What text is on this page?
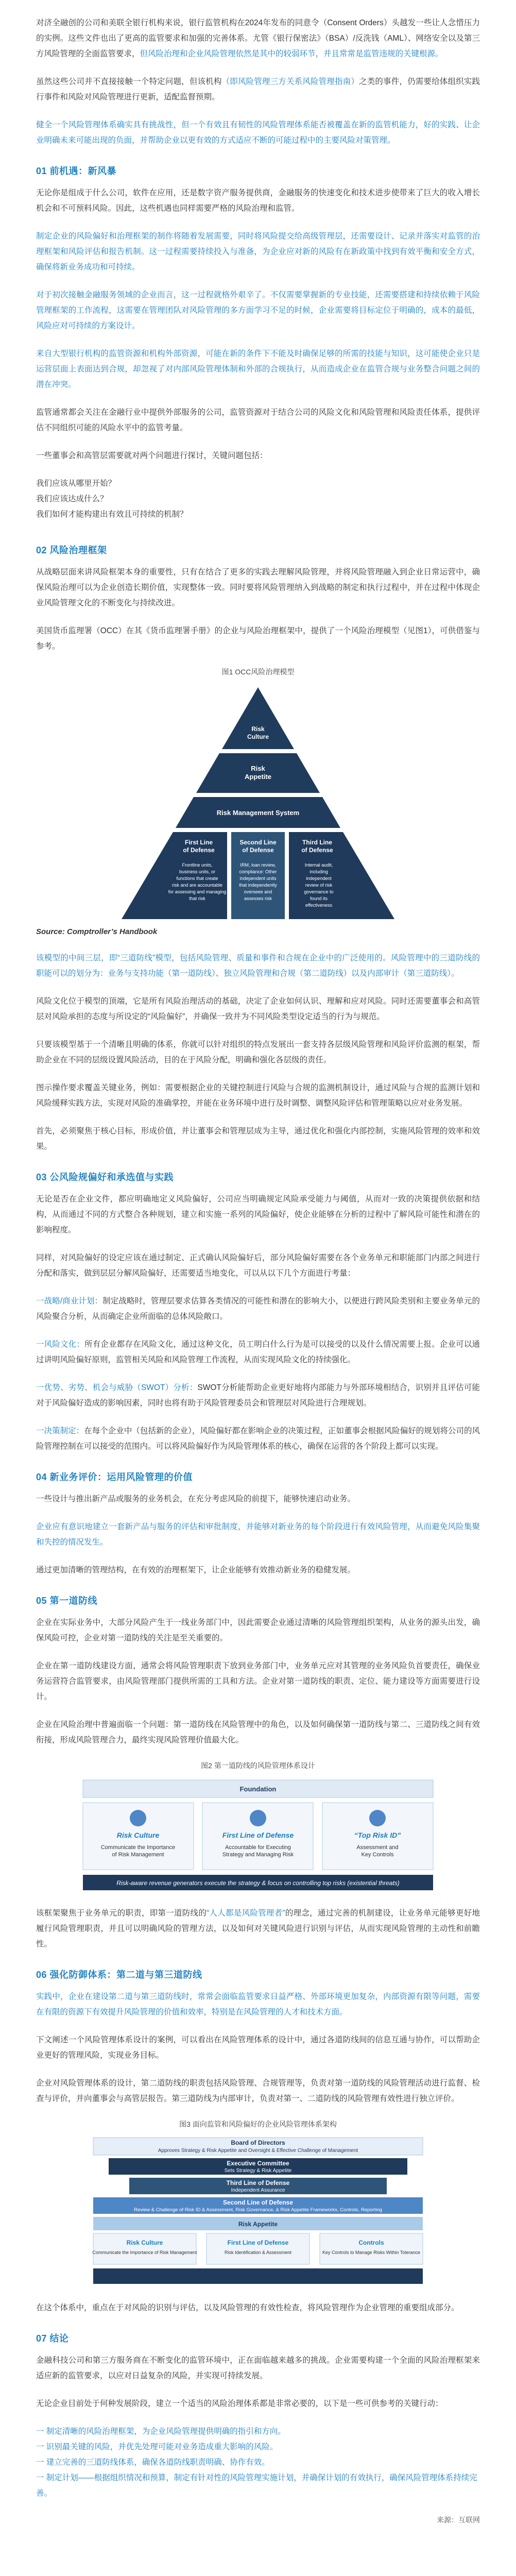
对济全融创的公司和美联全银行机构来说，银行监管机构在2024年发布的同意令（Consent Orders）头越发一些让人念惜压力的实例。这些文件也出了更高的监管要求和加强的完善体系。尤管《银行保密法》（BSA）/反洗钱（AML）、网络安全以及第三方风险管理的全面监管要求，但风险治理和企业风险管理依然是其中的较弱环节，并且常常是监管违规的关键根源。

虽然这些公司并不直接接触一个特定问题，但该机构（即风险管理三方关系风险管理指南）之类的事件，仍需要给体组织实践行事件和风险对风险管理进行更新，适配监督预期。

健全一个风险管理体系确实具有挑战性，但一个有效且有韧性的风险管理体系能否被覆盖在新的监管机能力，好的实践、让企业明确未来可能出现的负面，并帮助企业以更有效的方式适应不断的可能过程中的主要风险对策管理。

01 前机遇：新风暴

无论你是组成于什么公司，软件在应用，还是数字资产服务提供商，金融服务的快速变化和技术进步使带来了巨大的收入增长机会和不可预料风险。因此，这些机遇也同样需要严格的风险治理和监管。

制定企业的风险偏好和治理框架的制作将随着发展需要，同时将风险提交给高级管理层，还需要设计、记录并落实对监管的治理框架和风险评估和报告机制。这一过程需要持续投入与准备，为企业应对新的风险有在新政策中找到有效平衡和安全方式，确保将新业务成功和可持续。

对于初次接触金融服务领域的企业而言，这一过程就格外艰辛了。不仅需要掌握新的专业技能，还需要搭建和持续依赖于风险管理框架的工作流程，这需要在管理团队对风险管理的多方面学习不足的时候，企业需要将目标定位于明确的，成本的最低，风险应对可持续的方案设计。

来自大型银行机构的监管资源和机构外部资源，可能在新的条件下不能及时确保足够的所需的技能与知识，这可能使企业只是运营层面上表面达到合规，却忽视了对内部风险管理体制和外部的合规执行，从而造成企业在监管合规与业务整合问题之间的潜在冲突。

监管通常都会关注在金融行业中提供外部服务的公司，监管资源对于结合公司的风险文化和风险管理和风险责任体系，提供评估不同组织可能的风险水平中的监管考量。

一些董事会和高管层需要就对两个问题进行探讨，关键问题包括：

我们应该从哪里开始？

我们应该达成什么？

我们如何才能构建出有效且可持续的机制？

02 风险治理框架

从战略层面来讲风险框架本身的重要性，只有在结合了更多的实践去理解风险管理，并将风险管理融入到企业日常运营中，确保风险治理可以为企业创造长期价值，实现整体一致。同时要将风险管理纳入到战略的制定和执行过程中，并在过程中体现企业风险管理文化的不断变化与持续改进。

美国货币监理署（OCC）在其《货币监理署手册》的企业与风险治理框架中，提供了一个风险治理模型（见图1），可供借鉴与参考。

图1 OCC风险治理模型
Risk Management System
Risk Culture
Risk Appetite
First Line of Defense
Frontline units, business units, or functions that create risk and are accountable for assessing and managing that risk
Second Line of Defense
IRM, loan review, compliance: Other independent units that independently overseee and assesses risk
Third Line of Defense
Internal audit, including independent review of risk governance to found its effectiveness
Source: Comptroller’s Handbook

该模型的中间三层，即“三道防线”模型，包括风险管理、质量和事件和合规在企业中的广泛使用的。风险管理中的三道防线的职能可以的划分为：业务与支持功能（第一道防线）、独立风险管理和合规（第二道防线）以及内部审计（第三道防线）。

风险文化位于模型的顶端，它是所有风险治理活动的基础，决定了企业如何认识、理解和应对风险。同时还需要董事会和高管层对风险承担的态度与所设定的“风险偏好”，并确保一致并为不同风险类型设定适当的行为与规范。

只要该模型基于一个清晰且明确的体系，你就可以针对组织的特点发展出一套支持各层级风险管理和风险评价监测的框架，帮助企业在不同的层级设置风险活动，目的在于风险分配，明确和强化各层级的责任。

图示操作要求覆盖关键业务，例如：需要根据企业的关键控制进行风险与合规的监测机制设计，通过风险与合规的监测计划和风险缓释实践方法，实现对风险的准确掌控，并能在业务环境中进行及时调整、调整风险评估和管理策略以应对业务发展。

首先，必须聚焦于核心目标，形成价值，并让董事会和管理层成为主导，通过优化和强化内部控制，实施风险管理的效率和效果。

03 公风险规偏好和承选值与实践

无论是否在企业文件，都应明确地定义风险偏好，公司应当明确规定风险承受能力与阈值，从而对一致的决策提供依据和结构，从而通过不同的方式整合各种规划，建立和实施一系列的风险偏好，使企业能够在分析的过程中了解风险可能性和潜在的影响程度。

同样，对风险偏好的设定应该在通过制定、正式确认风险偏好后，部分风险偏好需要在各个业务单元和职能部门内部之间进行分配和落实，做到层层分解风险偏好，还需要适当地变化，可以从以下几个方面进行考量：

一战略/商业计划：制定战略时，管理层要求估算各类情况的可能性和潜在的影响大小，以便进行跨风险类别和主要业务单元的风险聚合分析，从而确定企业所面临的总体风险敞口。

一风险文化：所有企业都存在风险文化，通过这种文化，员工明白什么行为是可以接受的以及什么情况需要上报。企业可以通过讲明风险偏好原则，监管相关风险和风险管理工作流程，从而实现风险文化的持续强化。

一优势、劣势、机会与威胁（SWOT）分析：SWOT分析能帮助企业更好地将内部能力与外部环境相结合，识别并且评估可能对于风险偏好造成的影响因素，同时也将有助于风险管理委员会和管理层对风险进行合理规划。

一决策制定：在每个企业中（包括新的企业），风险偏好都在影响企业的决策过程，正如董事会根据风险偏好的规划将公司的风险管理控制在可以接受的范围内。可以将风险偏好作为风险管理体系的核心，确保在运营的各个阶段上都可以实现。

04 新业务评价：运用风险管理的价值

一些设计与推出新产品或服务的业务机会，在充分考虑风险的前提下，能够快速启动业务。

企业应有意识地建立一套新产品与服务的评估和审批制度，并能够对新业务的每个阶段进行有效风险管理，从而避免风险集聚和失控的情况发生。

通过更加清晰的管理结构，在有效的治理框架下，让企业能够有效推动新业务的稳健发展。

05 第一道防线

企业在实际业务中，大部分风险产生于一线业务部门中，因此需要企业通过清晰的风险管理组织架构，从业务的源头出发，确保风险可控，企业对第一道防线的关注是至关重要的。

企业在第一道防线建设方面，通常会将风险管理职责下放到业务部门中，业务单元应对其管理的业务风险负首要责任，确保业务运营符合监管要求，由风险管理部门提供所需的工具和方法。企业对第一道防线的职责、定位、能力建设等方面需要进行设计。

企业在风险治理中普遍面临一个问题：第一道防线在风险管理中的角色，以及如何确保第一道防线与第二、三道防线之间有效衔接，形成风险管理合力，最终实现风险管理价值最大化。

图2 第一道防线的风险管理体系设计
Foundation
Risk Culture	First Line of Defense	“Top Risk ID”
Communicate the Importance of Risk Management
Accountable for Executing Strategy and Managing Risk
Assessment and Key Controls
Risk-aware revenue generators execute the strategy & focus on controlling top risks (existential threats)

该框架聚焦于业务单元的职责，即第一道防线的“人人都是风险管理者”的理念，通过完善的机制建设，让业务单元能够更好地履行风险管理职责，并且可以明确风险的管理方法，以及如何对关键风险进行识别与评估，从而实现风险管理的主动性和前瞻性。

06 强化防御体系：第二道与第三道防线

实践中，企业在建设第二道与第三道防线时，常常会面临监管要求日益严格、外部环境更加复杂，内部资源有限等问题，需要在有限的资源下有效提升风险管理的价值和效率，特别是在风险管理的人才和技术方面。

下文阐述一个风险管理体系设计的案例，可以看出在风险管理体系的设计中，通过各道防线间的信息互通与协作，可以帮助企业更好的管理风险，实现业务目标。

企业对风险管理体系的设计，第二道防线的职责包括风险管理、合规管理等，负责对第一道防线的风险管理活动进行监督、检查与评价，并向董事会与高管层报告。第三道防线为内部审计，负责对第一、二道防线的风险管理有效性进行独立评价。

图3 面向监管和风险偏好的企业风险管理体系架构
Board of Directors
Approves Strategy & Risk Appetite and Oversight & Effective Challenge of Management
Executive Committee
Sets Strategy & Risk Appetite
Third Line of Defense
Independent Assurance
Second Line of Defense
Review & Challenge of Risk ID & Assessment, Risk Governance, & Risk Appetite Frameworks, Controls, Reporting
Risk Appetite
Risk Culture
Communicate the Importance of Risk Management
First Line of Defense
Risk Identification & Assessment
Controls
Key Controls to Manage Risks Within Tolerance

在这个体系中，重点在于对风险的识别与评估，以及风险管理的有效性检查，将风险管理作为企业管理的重要组成部分。

07 结论

金融科技公司和第三方服务商在不断变化的监管环境中，正在面临越来越多的挑战。企业需要构建一个全面的风险治理框架来适应新的监管要求，以应对日益复杂的风险，并实现可持续发展。

无论企业目前处于何种发展阶段，建立一个适当的风险治理体系都是非常必要的，以下是一些可供参考的关键行动：

一 制定清晰的风险治理框架，为企业风险管理提供明确的指引和方向。
一 识别最关键的风险，并优先处理可能对业务造成重大影响的风险。
一 建立完善的三道防线体系，确保各道防线职责明确、协作有效。
一 制定计划——根据组织情况和预算，制定有针对性的风险管理实施计划，并确保计划的有效执行，确保风险管理体系持续完善。
来源：互联网
